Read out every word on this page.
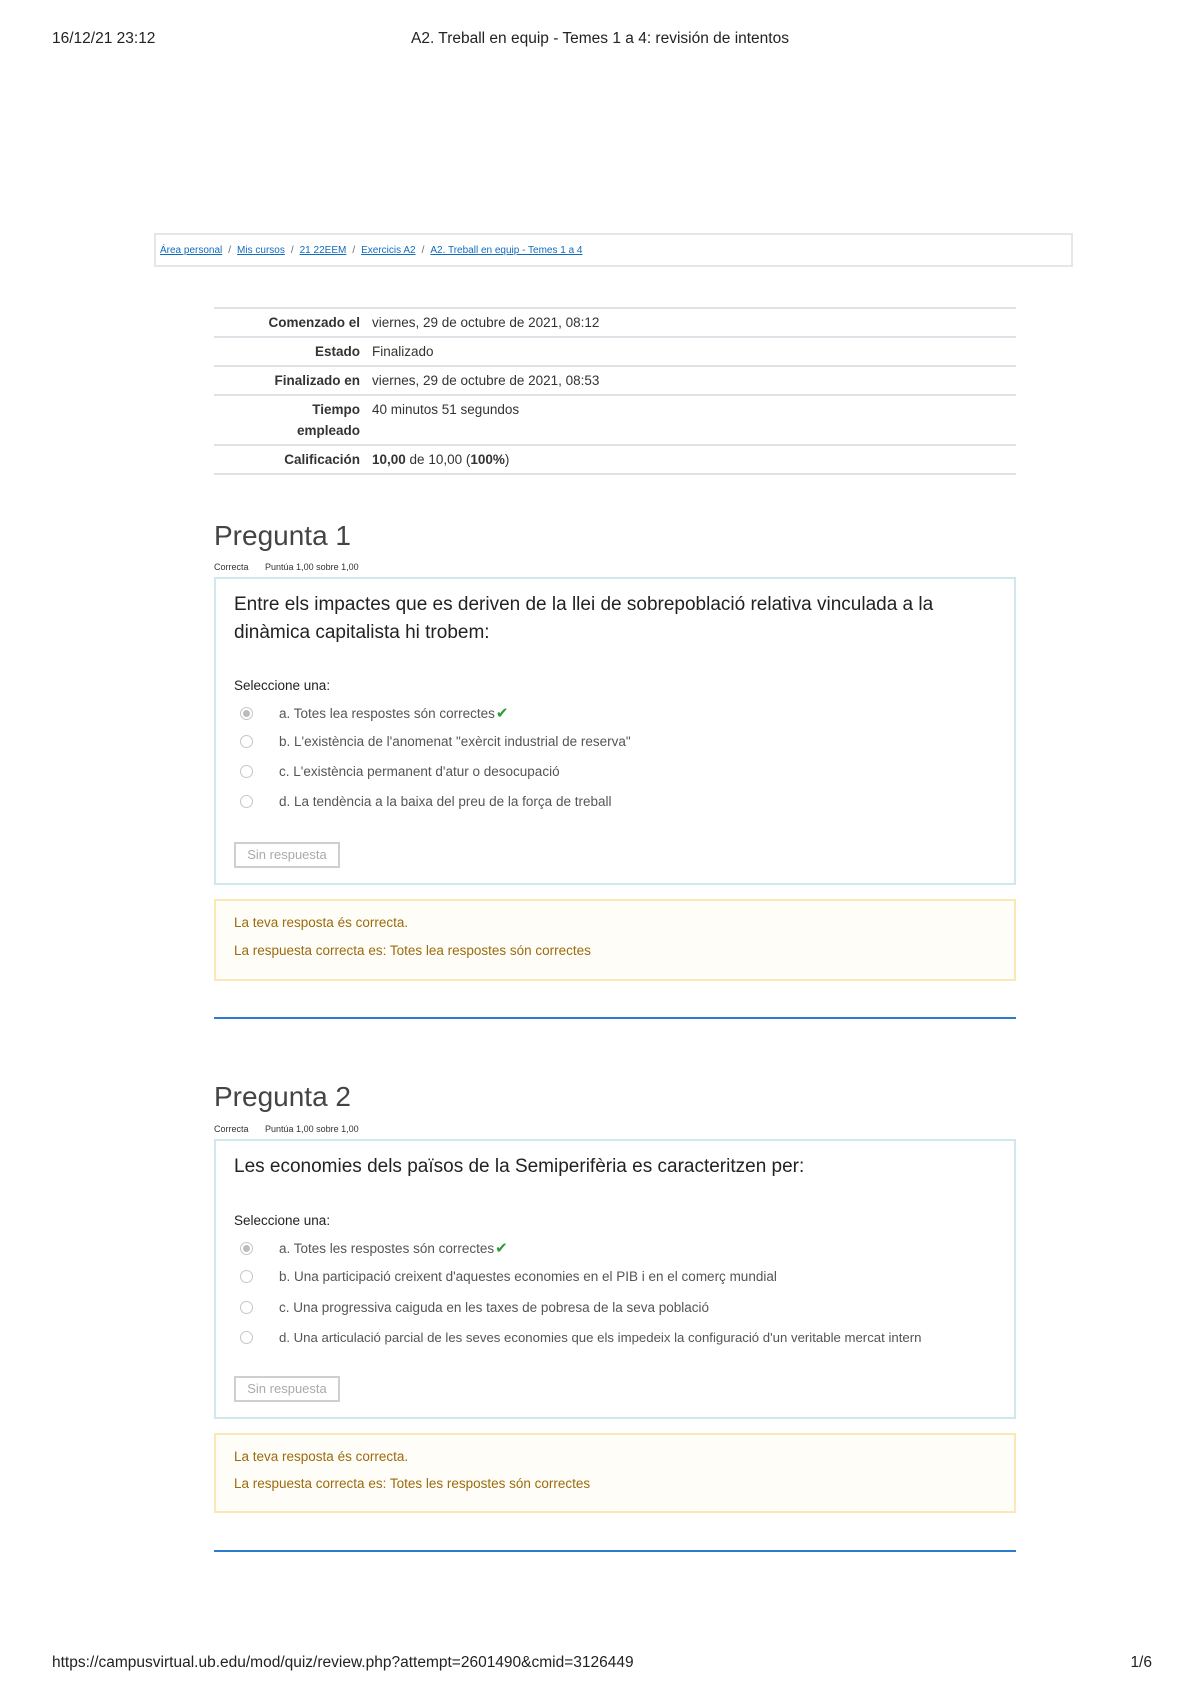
16/12/21 23:12	A2. Treball en equip - Temes 1 a 4: revisión de intentos
Área personal / Mis cursos / 21 22EEM / Exercicis A2 / A2. Treball en equip - Temes 1 a 4
Comenzado el	viernes, 29 de octubre de 2021, 08:12
Estado	Finalizado
Finalizado en	viernes, 29 de octubre de 2021, 08:53
Tiempo
empleado	40 minutos 51 segundos
Calificación	10,00 de 10,00 (100%)
Pregunta 1
Correcta Puntúa 1,00 sobre 1,00
Entre els impactes que es deriven de la llei de sobrepoblació relativa vinculada a la dinàmica capitalista hi trobem:
Seleccione una:
a. Totes lea respostes són correctes ✔
b. L'existència de l'anomenat "exèrcit industrial de reserva"
c. L'existència permanent d'atur o desocupació
d. La tendència a la baixa del preu de la força de treball
Sin respuesta
La teva resposta és correcta.
La respuesta correcta es: Totes lea respostes són correctes
Pregunta 2
Correcta Puntúa 1,00 sobre 1,00
Les economies dels països de la Semiperifèria es caracteritzen per:
Seleccione una:
a. Totes les respostes són correctes ✔
b. Una participació creixent d'aquestes economies en el PIB i en el comerç mundial
c. Una progressiva caiguda en les taxes de pobresa de la seva població
d. Una articulació parcial de les seves economies que els impedeix la configuració d'un veritable mercat intern
Sin respuesta
La teva resposta és correcta.
La respuesta correcta es: Totes les respostes són correctes
https://campusvirtual.ub.edu/mod/quiz/review.php?attempt=2601490&cmid=3126449	1/6
